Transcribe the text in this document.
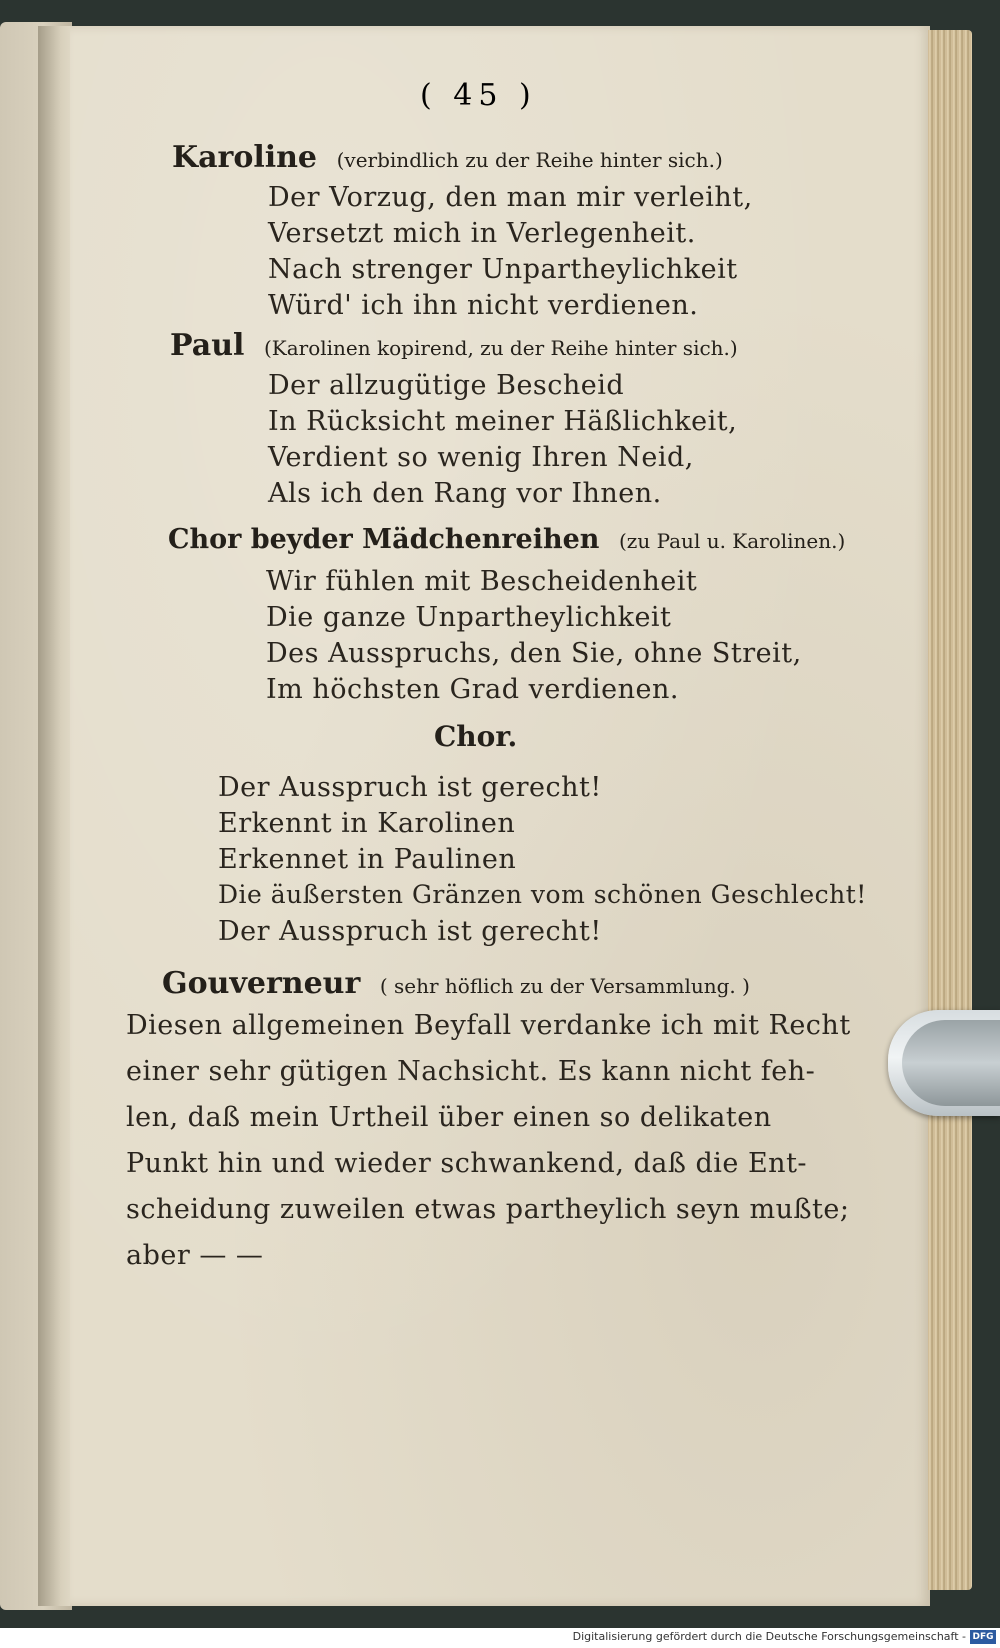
( 45 )
Karoline (verbindlich zu der Reihe hinter sich.)
Der Vorzug, den man mir verleiht,
Versetzt mich in Verlegenheit.
Nach strenger Unpartheylichkeit
Würd' ich ihn nicht verdienen.
Paul (Karolinen kopirend, zu der Reihe hinter sich.)
Der allzugütige Bescheid
In Rücksicht meiner Häßlichkeit,
Verdient so wenig Ihren Neid,
Als ich den Rang vor Ihnen.
Chor beyder Mädchenreihen (zu Paul u. Karolinen.)
Wir fühlen mit Bescheidenheit
Die ganze Unpartheylichkeit
Des Ausspruchs, den Sie, ohne Streit,
Im höchsten Grad verdienen.
Chor.
Der Ausspruch ist gerecht!
Erkennt in Karolinen
Erkennet in Paulinen
Die äußersten Gränzen vom schönen Geschlecht!
Der Ausspruch ist gerecht!
Gouverneur ( sehr höflich zu der Versammlung. )
Diesen allgemeinen Beyfall verdanke ich mit Recht
einer sehr gütigen Nachsicht. Es kann nicht feh-
len, daß mein Urtheil über einen so delikaten
Punkt hin und wieder schwankend, daß die Ent-
scheidung zuweilen etwas partheylich seyn mußte;
aber — —
Digitalisierung gefördert durch die Deutsche Forschungsgemeinschaft - DFG
